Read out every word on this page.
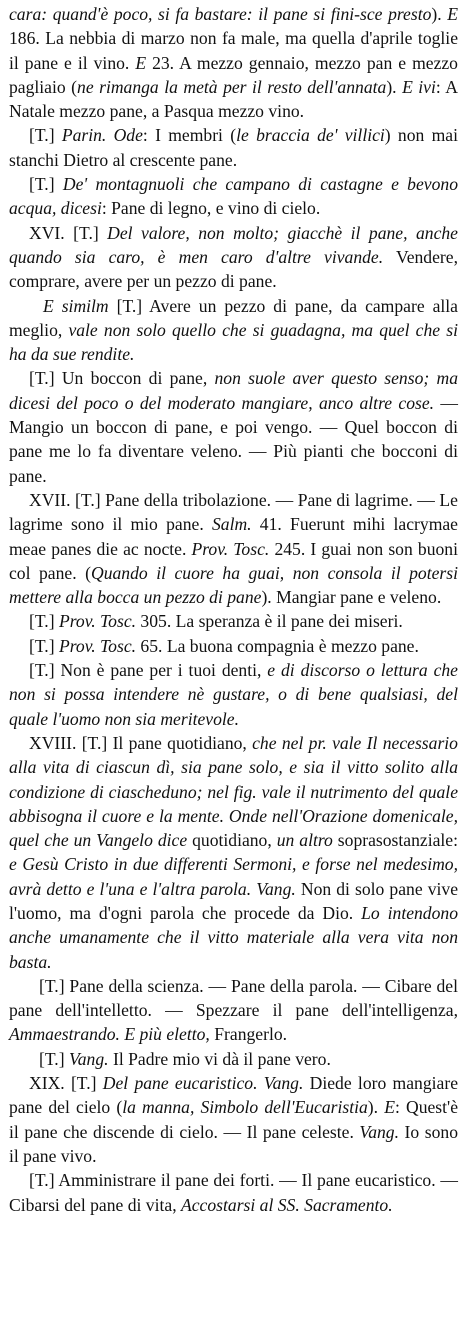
cara: quand'è poco, si fa bastare: il pane si fini-sce presto). E 186. La nebbia di marzo non fa male, ma quella d'aprile toglie il pane e il vino. E 23. A mezzo gennaio, mezzo pan e mezzo pagliaio (ne rimanga la metà per il resto dell'annata). E ivi: A Natale mezzo pane, a Pasqua mezzo vino.

[T.] Parin. Ode: I membri (le braccia de' villici) non mai stanchi Dietro al crescente pane.

[T.] De' montagnuoli che campano di castagne e bevono acqua, dicesi: Pane di legno, e vino di cielo.

XVI. [T.] Del valore, non molto; giacchè il pane, anche quando sia caro, è men caro d'altre vivande. Vendere, comprare, avere per un pezzo di pane.

E similm [T.] Avere un pezzo di pane, da campare alla meglio, vale non solo quello che si guadagna, ma quel che si ha da sue rendite.

[T.] Un boccon di pane, non suole aver questo senso; ma dicesi del poco o del moderato mangiare, anco altre cose. — Mangio un boccon di pane, e poi vengo. — Quel boccon di pane me lo fa diventare veleno. — Più pianti che bocconi di pane.

XVII. [T.] Pane della tribolazione. — Pane di lagrime. — Le lagrime sono il mio pane. Salm. 41. Fuerunt mihi lacrymae meae panes die ac nocte. Prov. Tosc. 245. I guai non son buoni col pane. (Quando il cuore ha guai, non consola il potersi mettere alla bocca un pezzo di pane). Mangiar pane e veleno.

[T.] Prov. Tosc. 305. La speranza è il pane dei miseri.

[T.] Prov. Tosc. 65. La buona compagnia è mezzo pane.

[T.] Non è pane per i tuoi denti, e di discorso o lettura che non si possa intendere nè gustare, o di bene qualsiasi, del quale l'uomo non sia meritevole.

XVIII. [T.] Il pane quotidiano, che nel pr. vale Il necessario alla vita di ciascun dì, sia pane solo, e sia il vitto solito alla condizione di ciascheduno; nel fig. vale il nutrimento del quale abbisogna il cuore e la mente. Onde nell'Orazione domenicale, quel che un Vangelo dice quotidiano, un altro soprasostanziale: e Gesù Cristo in due differenti Sermoni, e forse nel medesimo, avrà detto e l'una e l'altra parola. Vang. Non di solo pane vive l'uomo, ma d'ogni parola che procede da Dio. Lo intendono anche umanamente che il vitto materiale alla vera vita non basta.

[T.] Pane della scienza. — Pane della parola. — Cibare del pane dell'intelletto. — Spezzare il pane dell'intelligenza, Ammaestrando. E più eletto, Frangerlo.

[T.] Vang. Il Padre mio vi dà il pane vero.

XIX. [T.] Del pane eucaristico. Vang. Diede loro mangiare pane del cielo (la manna, Simbolo dell'Eucaristia). E: Quest'è il pane che discende di cielo. — Il pane celeste. Vang. Io sono il pane vivo.

[T.] Amministrare il pane dei forti. — Il pane eucaristico. — Cibarsi del pane di vita, Accostarsi al SS. Sacramento.
